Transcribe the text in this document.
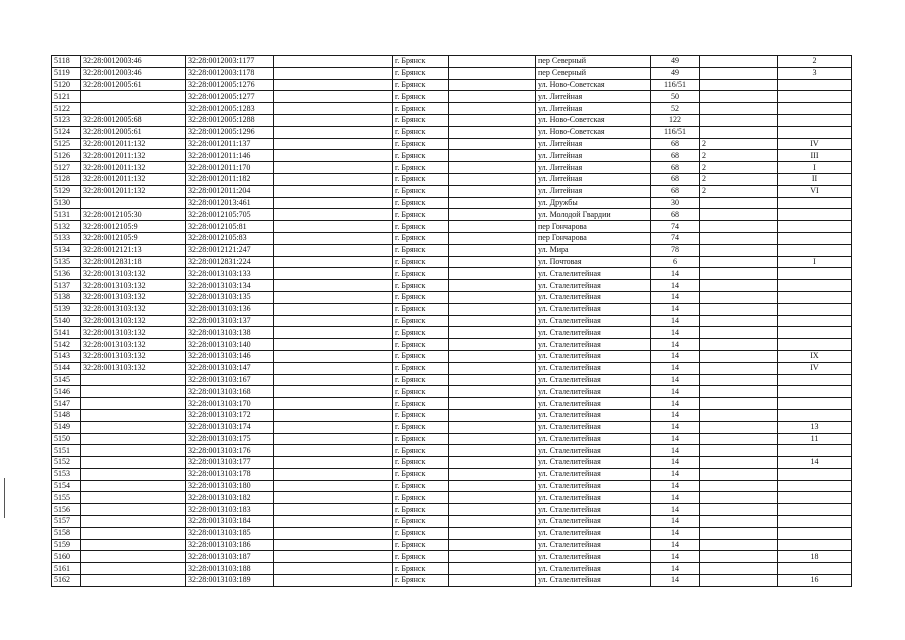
5118	32:28:0012003:46	32:28:0012003:1177		г. Брянск		пер Северный	49		2
5119	32:28:0012003:46	32:28:0012003:1178		г. Брянск		пер Северный	49		3
5120	32:28:0012005:61	32:28:0012005:1276		г. Брянск		ул. Ново-Советская	116/51		
5121		32:28:0012005:1277		г. Брянск		ул. Литейная	50		
5122		32:28:0012005:1283		г. Брянск		ул. Литейная	52		
5123	32:28:0012005:68	32:28:0012005:1288		г. Брянск		ул. Ново-Советская	122		
5124	32:28:0012005:61	32:28:0012005:1296		г. Брянск		ул. Ново-Советская	116/51		
5125	32:28:0012011:132	32:28:0012011:137		г. Брянск		ул. Литейная	68	2	IV
5126	32:28:0012011:132	32:28:0012011:146		г. Брянск		ул. Литейная	68	2	III
5127	32:28:0012011:132	32:28:0012011:170		г. Брянск		ул. Литейная	68	2	I
5128	32:28:0012011:132	32:28:0012011:182		г. Брянск		ул. Литейная	68	2	II
5129	32:28:0012011:132	32:28:0012011:204		г. Брянск		ул. Литейная	68	2	VI
5130		32:28:0012013:461		г. Брянск		ул. Дружбы	30		
5131	32:28:0012105:30	32:28:0012105:705		г. Брянск		ул. Молодой Гвардии	68		
5132	32:28:0012105:9	32:28:0012105:81		г. Брянск		пер Гончарова	74		
5133	32:28:0012105:9	32:28:0012105:83		г. Брянск		пер Гончарова	74		
5134	32:28:0012121:13	32:28:0012121:247		г. Брянск		ул. Мира	78		
5135	32:28:0012831:18	32:28:0012831:224		г. Брянск		ул. Почтовая	6		I
5136	32:28:0013103:132	32:28:0013103:133		г. Брянск		ул. Сталелитейная	14		
5137	32:28:0013103:132	32:28:0013103:134		г. Брянск		ул. Сталелитейная	14		
5138	32:28:0013103:132	32:28:0013103:135		г. Брянск		ул. Сталелитейная	14		
5139	32:28:0013103:132	32:28:0013103:136		г. Брянск		ул. Сталелитейная	14		
5140	32:28:0013103:132	32:28:0013103:137		г. Брянск		ул. Сталелитейная	14		
5141	32:28:0013103:132	32:28:0013103:138		г. Брянск		ул. Сталелитейная	14		
5142	32:28:0013103:132	32:28:0013103:140		г. Брянск		ул. Сталелитейная	14		
5143	32:28:0013103:132	32:28:0013103:146		г. Брянск		ул. Сталелитейная	14		IX
5144	32:28:0013103:132	32:28:0013103:147		г. Брянск		ул. Сталелитейная	14		IV
5145		32:28:0013103:167		г. Брянск		ул. Сталелитейная	14		
5146		32:28:0013103:168		г. Брянск		ул. Сталелитейная	14		
5147		32:28:0013103:170		г. Брянск		ул. Сталелитейная	14		
5148		32:28:0013103:172		г. Брянск		ул. Сталелитейная	14		
5149		32:28:0013103:174		г. Брянск		ул. Сталелитейная	14		13
5150		32:28:0013103:175		г. Брянск		ул. Сталелитейная	14		11
5151		32:28:0013103:176		г. Брянск		ул. Сталелитейная	14		
5152		32:28:0013103:177		г. Брянск		ул. Сталелитейная	14		14
5153		32:28:0013103:178		г. Брянск		ул. Сталелитейная	14		
5154		32:28:0013103:180		г. Брянск		ул. Сталелитейная	14		
5155		32:28:0013103:182		г. Брянск		ул. Сталелитейная	14		
5156		32:28:0013103:183		г. Брянск		ул. Сталелитейная	14		
5157		32:28:0013103:184		г. Брянск		ул. Сталелитейная	14		
5158		32:28:0013103:185		г. Брянск		ул. Сталелитейная	14		
5159		32:28:0013103:186		г. Брянск		ул. Сталелитейная	14		
5160		32:28:0013103:187		г. Брянск		ул. Сталелитейная	14		18
5161		32:28:0013103:188		г. Брянск		ул. Сталелитейная	14		
5162		32:28:0013103:189		г. Брянск		ул. Сталелитейная	14		16
